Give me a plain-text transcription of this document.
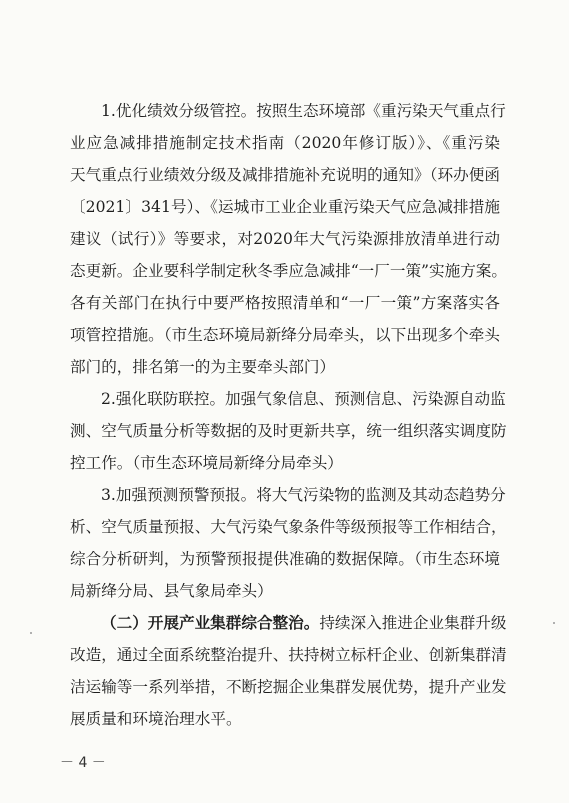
1.优化绩效分级管控。按照生态环境部《重污染天气重点行
业应急减排措施制定技术指南（2020年修订版）》、《重污染
天气重点行业绩效分级及减排措施补充说明的通知》（环办便函
〔2021〕341号）、《运城市工业企业重污染天气应急减排措施
建议（试行）》等要求，对2020年大气污染源排放清单进行动
态更新。企业要科学制定秋冬季应急减排“一厂一策”实施方案。
各有关部门在执行中要严格按照清单和“一厂一策”方案落实各
项管控措施。（市生态环境局新绛分局牵头，以下出现多个牵头
部门的，排名第一的为主要牵头部门）
2.强化联防联控。加强气象信息、预测信息、污染源自动监
测、空气质量分析等数据的及时更新共享，统一组织落实调度防
控工作。（市生态环境局新绛分局牵头）
3.加强预测预警预报。将大气污染物的监测及其动态趋势分
析、空气质量预报、大气污染气象条件等级预报等工作相结合，
综合分析研判，为预警预报提供准确的数据保障。（市生态环境
局新绛分局、县气象局牵头）
（二）开展产业集群综合整治。持续深入推进企业集群升级
改造，通过全面系统整治提升、扶持树立标杆企业、创新集群清
洁运输等一系列举措，不断挖掘企业集群发展优势，提升产业发
展质量和环境治理水平。
－ 4 －
